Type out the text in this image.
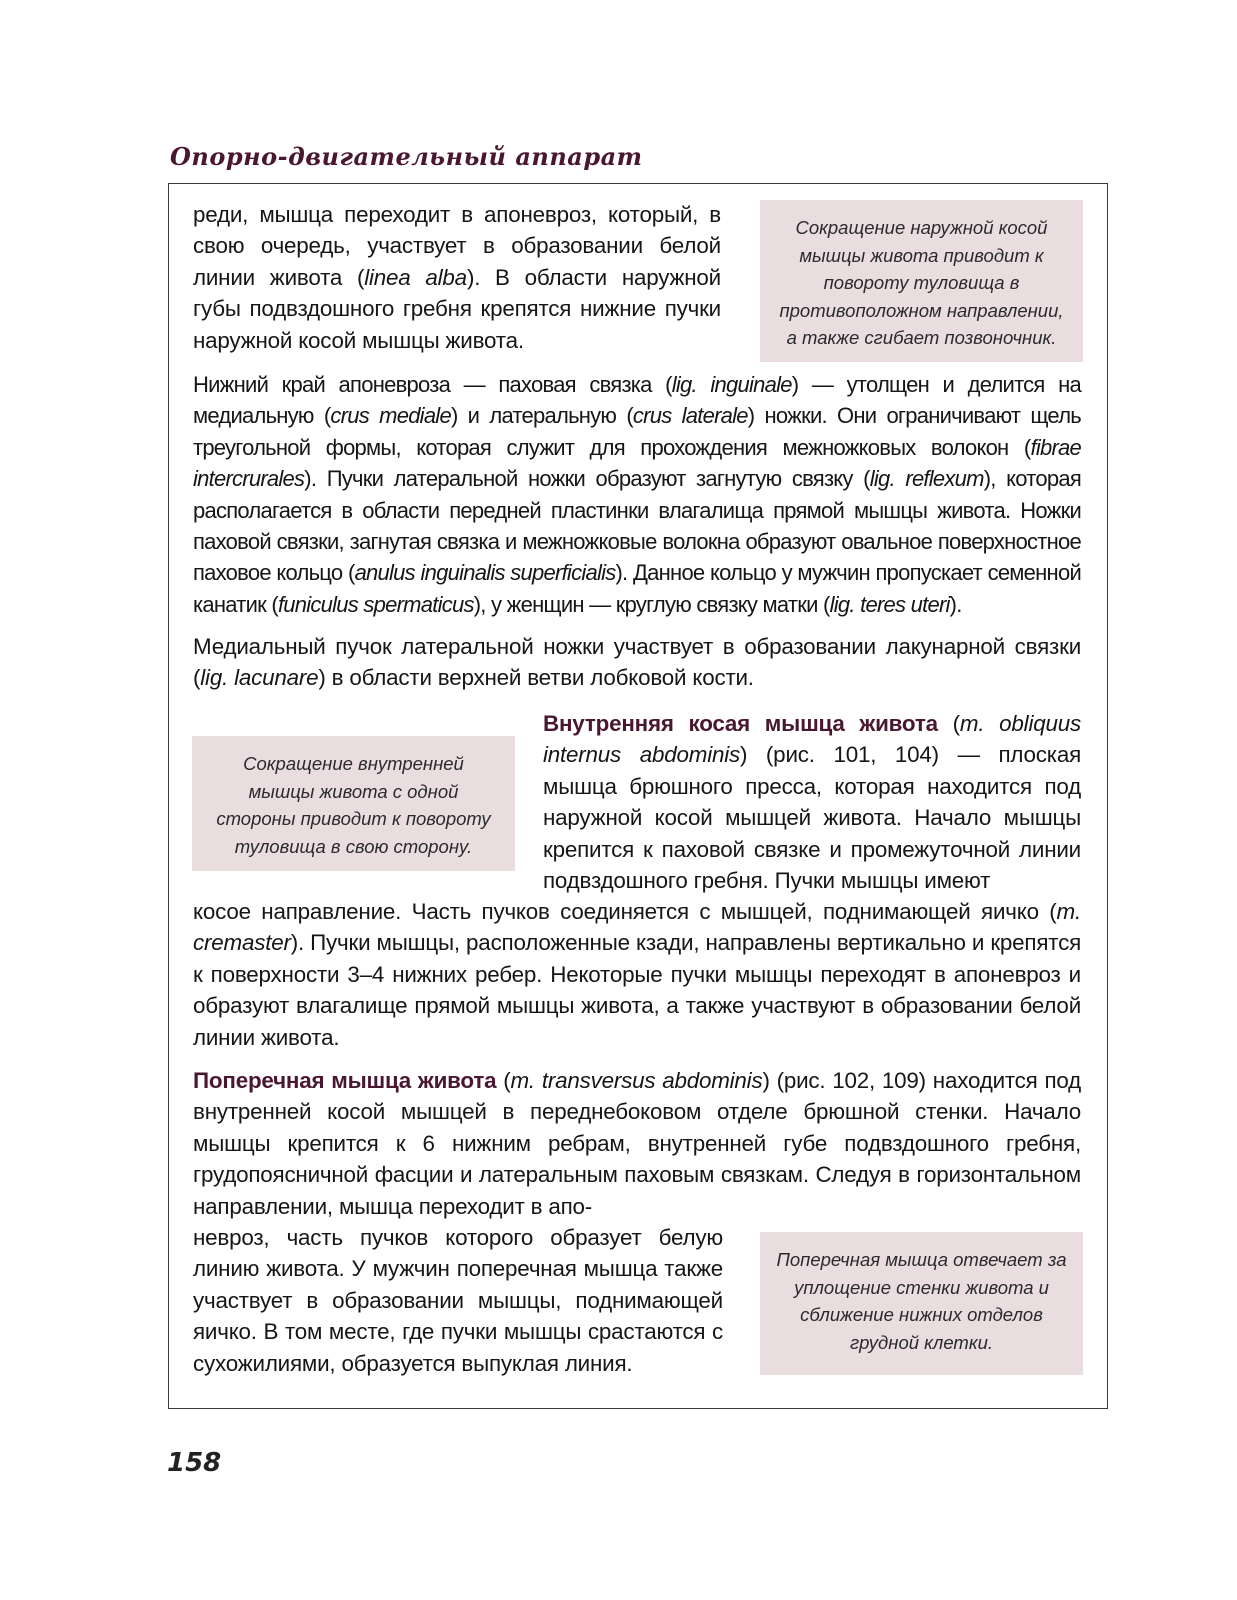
Опорно-двигательный аппарат

реди, мышца переходит в апоневроз, который, в свою очередь, участвует в образовании белой линии живота (linea alba). В области наружной губы подвздошного гребня крепятся нижние пучки наружной косой мышцы живота.

Сокращение наружной косой мышцы живота приводит к повороту туловища в противоположном направлении, а также сгибает позвоночник.

Нижний край апоневроза — паховая связка (lig. inguinale) — утолщен и делится на медиальную (crus mediale) и латеральную (crus laterale) ножки. Они ограничивают щель треугольной формы, которая служит для прохождения межножковых волокон (fibrae intercrurales). Пучки латеральной ножки образуют загнутую связку (lig. reflexum), которая располагается в области передней пластинки влагалища прямой мышцы живота. Ножки паховой связки, загнутая связка и межножковые волокна образуют овальное поверхностное паховое кольцо (anulus inguinalis superficialis). Данное кольцо у мужчин пропускает семенной канатик (funiculus spermaticus), у женщин — круглую связку матки (lig. teres uteri).

Медиальный пучок латеральной ножки участвует в образовании лакунарной связки (lig. lacunare) в области верхней ветви лобковой кости.

Сокращение внутренней мышцы живота с одной стороны приводит к повороту туловища в свою сторону.

Внутренняя косая мышца живота (m. obliquus internus abdominis) (рис. 101, 104) — плоская мышца брюшного пресса, которая находится под наружной косой мышцей живота. Начало мышцы крепится к паховой связке и промежуточной линии подвздошного гребня. Пучки мышцы имеют

косое направление. Часть пучков соединяется с мышцей, поднимающей яичко (m. cremaster). Пучки мышцы, расположенные кзади, направлены вертикально и крепятся к поверхности 3–4 нижних ребер. Некоторые пучки мышцы переходят в апоневроз и образуют влагалище прямой мышцы живота, а также участвуют в образовании белой линии живота.

Поперечная мышца живота (m. transversus abdominis) (рис. 102, 109) находится под внутренней косой мышцей в переднебоковом отделе брюшной стенки. Начало мышцы крепится к 6 нижним ребрам, внутренней губе подвздошного гребня, грудопоясничной фасции и латеральным паховым связкам. Следуя в горизонтальном направлении, мышца переходит в апо-

невроз, часть пучков которого образует белую линию живота. У мужчин поперечная мышца также участвует в образовании мышцы, поднимающей яичко. В том месте, где пучки мышцы срастаются с сухожилиями, образуется выпуклая линия.

Поперечная мышца отвечает за уплощение стенки живота и сближение нижних отделов грудной клетки.

158
